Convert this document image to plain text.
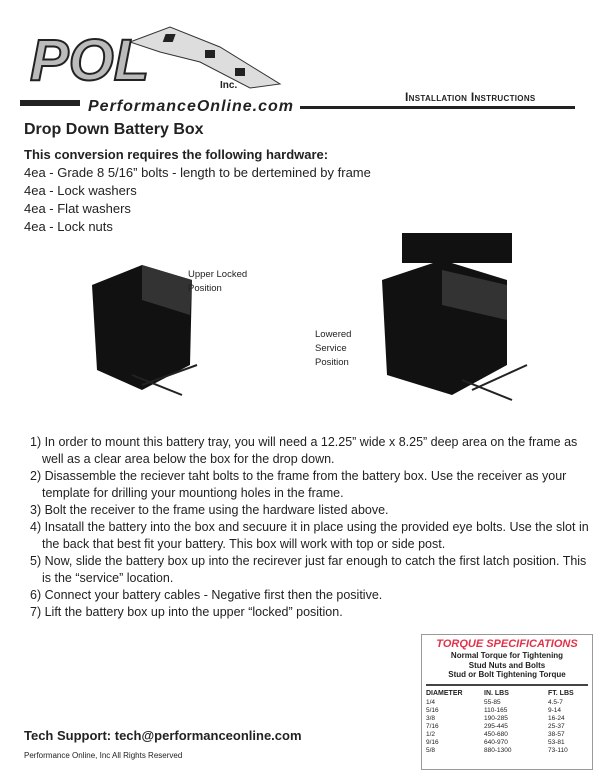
POL	Inc.
PerformanceOnline.com
Installation Instructions
Drop Down Battery Box
This conversion requires the following hardware:
4ea - Grade 8 5/16” bolts - length to be dertemined by frame
4ea - Lock washers
4ea - Flat washers
4ea - Lock nuts
Upper Locked Position
Lowered Service Position
1) In order to mount this battery tray, you will need a 12.25” wide x 8.25” deep area on the frame as well as a clear area below the box for the drop down.
2) Disassemble the reciever taht bolts to the frame from the battery box. Use the receiver as your template for drilling your mountiong holes in the frame.
3) Bolt the receiver to the frame using the hardware listed above.
4) Insatall the battery into the box and secuure it in place using the provided eye bolts. Use the slot in the back that best fit your battery. This box will work with top or side post.
5) Now, slide the battery box up into the recirever just far enough to catch the first latch position. This is the “service” location.
6) Connect your battery cables - Negative first then the positive.
7) Lift the battery box up into the upper “locked” position.
TORQUE SPECIFICATIONS
Normal Torque for Tightening
Stud Nuts and Bolts
Stud or Bolt Tightening Torque
DIAMETER	IN. LBS	FT. LBS
1/4	55-85	4.5-7
5/16	110-165	9-14
3/8	190-285	16-24
7/16	295-445	25-37
1/2	450-680	38-57
9/16	640-970	53-81
5/8	880-1300	73-110
Tech Support: tech@performanceonline.com
Performance Online, Inc All Rights Reserved
